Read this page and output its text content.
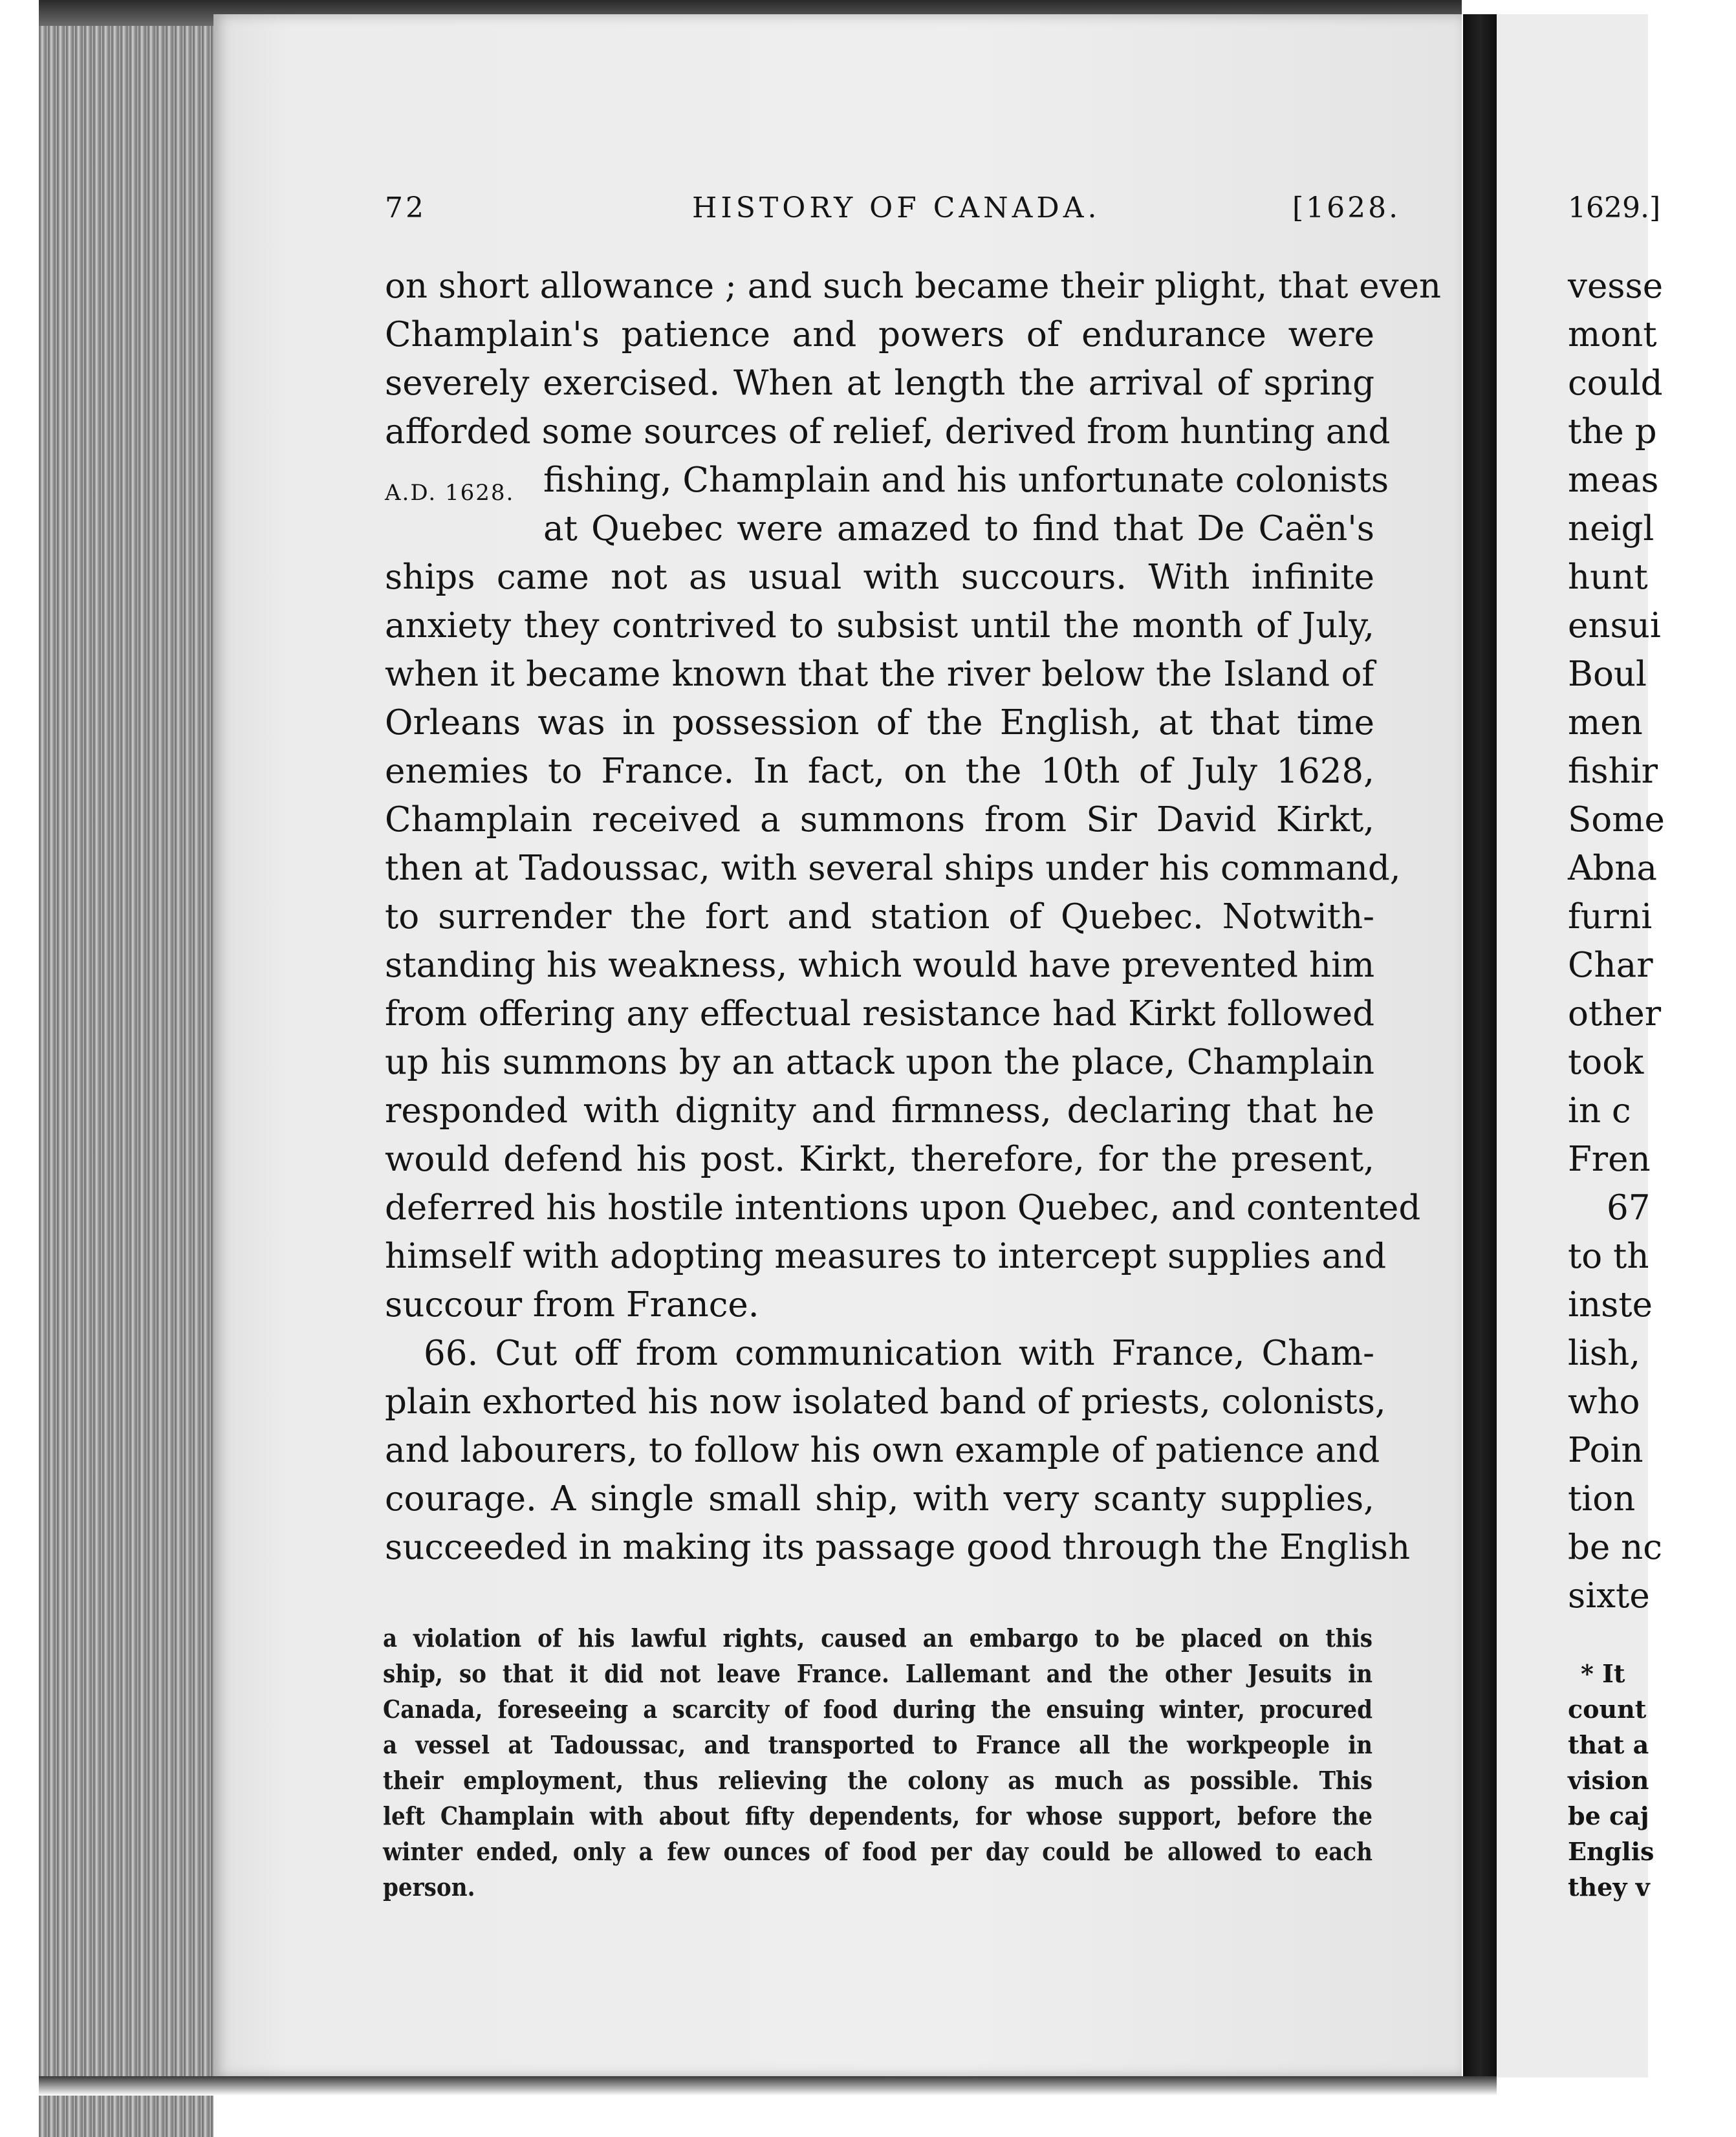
72	HISTORY OF CANADA.	[1628.
A.D. 1628.
on short allowance ; and such became their plight, that even
Champlain's patience and powers of endurance were
severely exercised. When at length the arrival of spring
afforded some sources of relief, derived from hunting and
fishing, Champlain and his unfortunate colonists
at Quebec were amazed to find that De Caën's
ships came not as usual with succours. With infinite
anxiety they contrived to subsist until the month of July,
when it became known that the river below the Island of
Orleans was in possession of the English, at that time
enemies to France. In fact, on the 10th of July 1628,
Champlain received a summons from Sir David Kirkt,
then at Tadoussac, with several ships under his command,
to surrender the fort and station of Quebec. Notwith-
standing his weakness, which would have prevented him
from offering any effectual resistance had Kirkt followed
up his summons by an attack upon the place, Champlain
responded with dignity and firmness, declaring that he
would defend his post. Kirkt, therefore, for the present,
deferred his hostile intentions upon Quebec, and contented
himself with adopting measures to intercept supplies and
succour from France.
66. Cut off from communication with France, Cham-
plain exhorted his now isolated band of priests, colonists,
and labourers, to follow his own example of patience and
courage. A single small ship, with very scanty supplies,
succeeded in making its passage good through the English
a violation of his lawful rights, caused an embargo to be placed on this
ship, so that it did not leave France. Lallemant and the other Jesuits in
Canada, foreseeing a scarcity of food during the ensuing winter, procured
a vessel at Tadoussac, and transported to France all the workpeople in
their employment, thus relieving the colony as much as possible. This
left Champlain with about fifty dependents, for whose support, before the
winter ended, only a few ounces of food per day could be allowed to each
person.
1629.]
vesse
mont
could
the p
meas
neigl
hunt
ensui
Boul
men
fishir
Some
Abna
furni
Char
other
took
in c
Fren
67
to th
inste
lish,
who
Poin
tion
be nc
sixte
* It
count
that a
vision
be caj
Englis
they v
